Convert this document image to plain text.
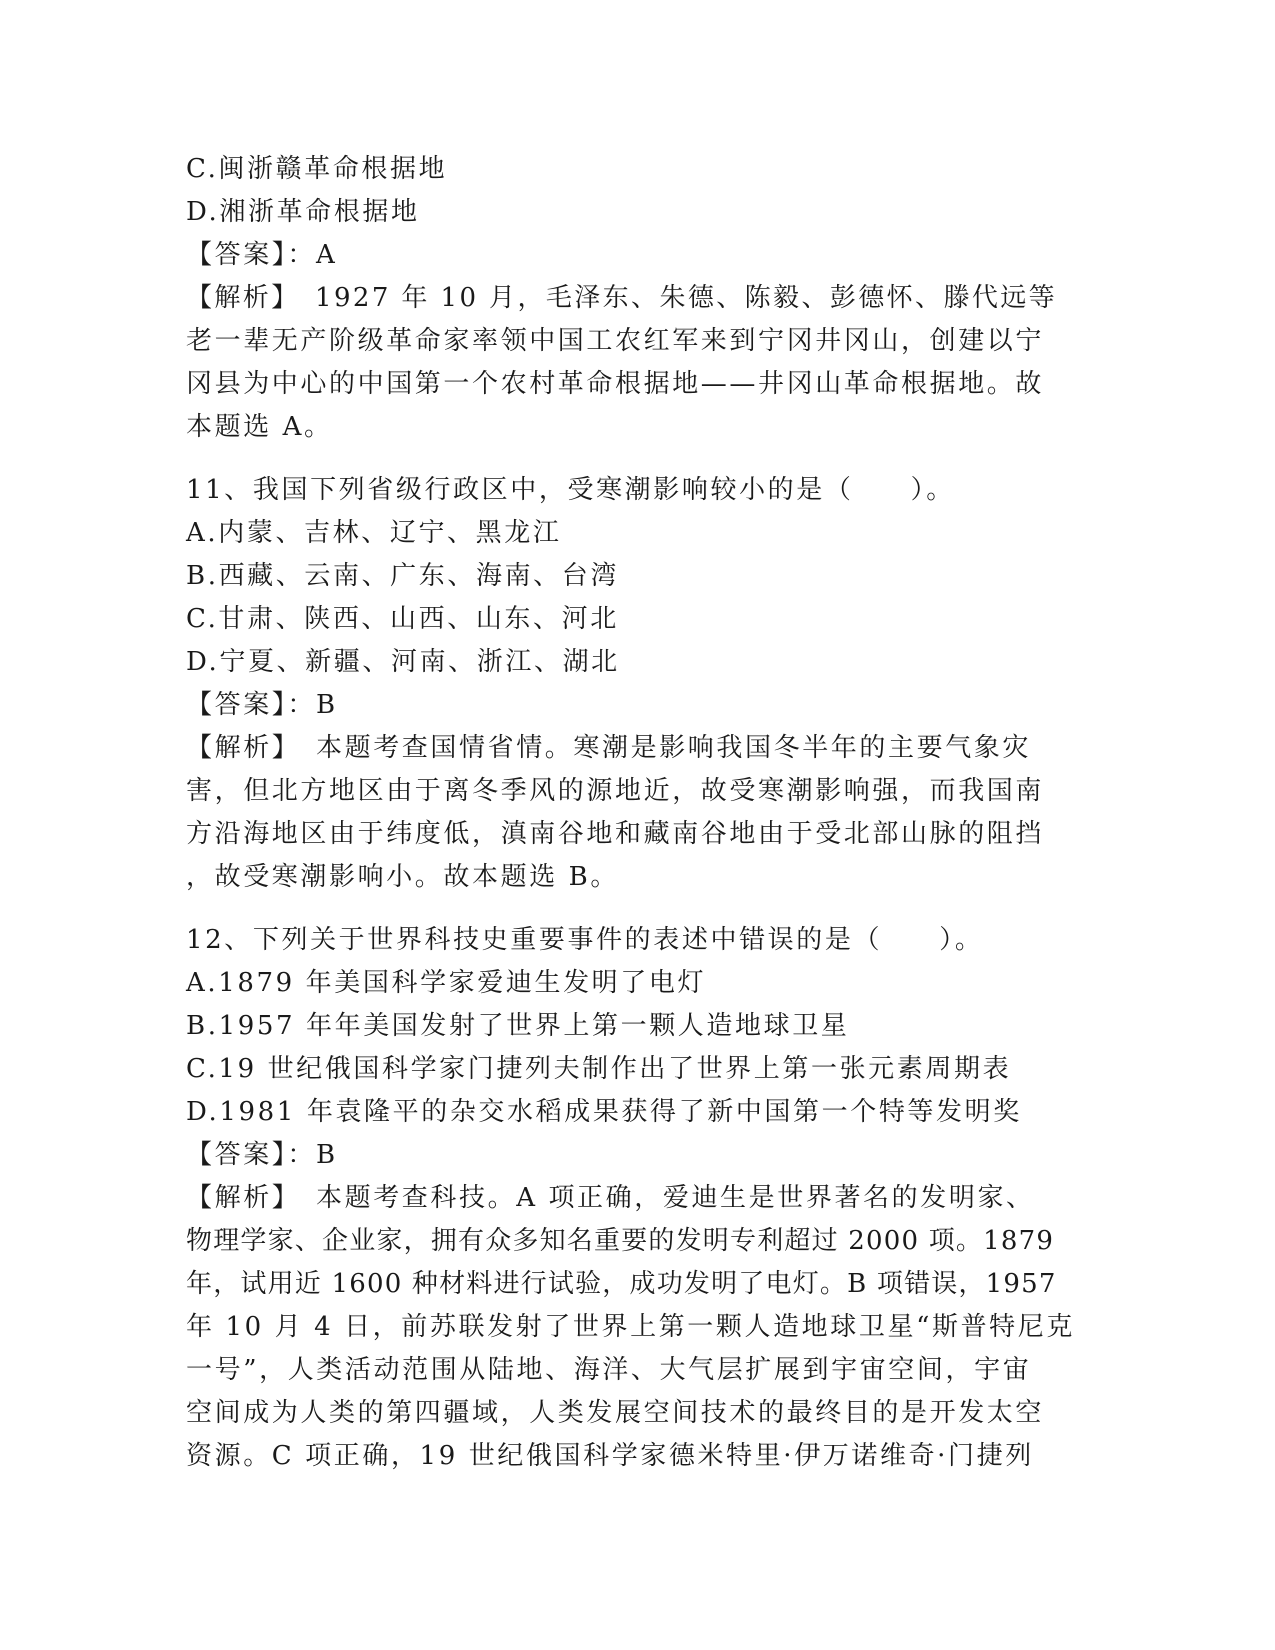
C.闽浙赣革命根据地
D.湘浙革命根据地
【答案】：A
【解析】　1927 年 10 月，毛泽东、朱德、陈毅、彭德怀、滕代远等
老一辈无产阶级革命家率领中国工农红军来到宁冈井冈山，创建以宁
冈县为中心的中国第一个农村革命根据地——井冈山革命根据地。故
本题选 A。
11、我国下列省级行政区中，受寒潮影响较小的是（　　）。
A.内蒙、吉林、辽宁、黑龙江
B.西藏、云南、广东、海南、台湾
C.甘肃、陕西、山西、山东、河北
D.宁夏、新疆、河南、浙江、湖北
【答案】：B
【解析】　本题考查国情省情。寒潮是影响我国冬半年的主要气象灾
害，但北方地区由于离冬季风的源地近，故受寒潮影响强，而我国南
方沿海地区由于纬度低，滇南谷地和藏南谷地由于受北部山脉的阻挡
，故受寒潮影响小。故本题选 B。
12、下列关于世界科技史重要事件的表述中错误的是（　　）。
A.1879 年美国科学家爱迪生发明了电灯
B.1957 年年美国发射了世界上第一颗人造地球卫星
C.19 世纪俄国科学家门捷列夫制作出了世界上第一张元素周期表
D.1981 年袁隆平的杂交水稻成果获得了新中国第一个特等发明奖
【答案】：B
【解析】　本题考查科技。A 项正确，爱迪生是世界著名的发明家、
物理学家、企业家，拥有众多知名重要的发明专利超过 2000 项。1879
年，试用近 1600 种材料进行试验，成功发明了电灯。B 项错误，1957
年 10 月 4 日，前苏联发射了世界上第一颗人造地球卫星“斯普特尼克
一号”，人类活动范围从陆地、海洋、大气层扩展到宇宙空间，宇宙
空间成为人类的第四疆域，人类发展空间技术的最终目的是开发太空
资源。C 项正确，19 世纪俄国科学家德米特里·伊万诺维奇·门捷列
